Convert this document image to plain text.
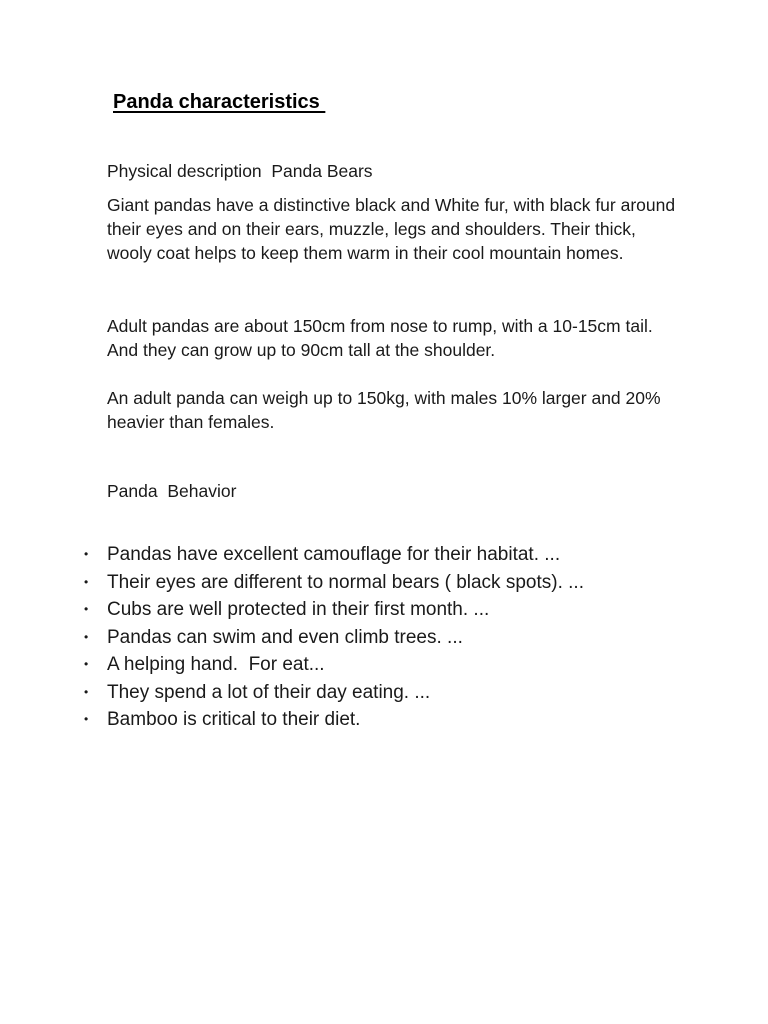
Panda characteristics

Physical description  Panda Bears

Giant pandas have a distinctive black and White fur, with black fur around their eyes and on their ears, muzzle, legs and shoulders. Their thick, wooly coat helps to keep them warm in their cool mountain homes.

Adult pandas are about 150cm from nose to rump, with a 10-15cm tail. And they can grow up to 90cm tall at the shoulder.

An adult panda can weigh up to 150kg, with males 10% larger and 20% heavier than females.

Panda  Behavior

•

Pandas have excellent camouflage for their habitat. ...

•

Their eyes are different to normal bears ( black spots). ...

•

Cubs are well protected in their first month. ...

•

Pandas can swim and even climb trees. ...

•

A helping hand.  For eat...

•

They spend a lot of their day eating. ...

•

Bamboo is critical to their diet.
